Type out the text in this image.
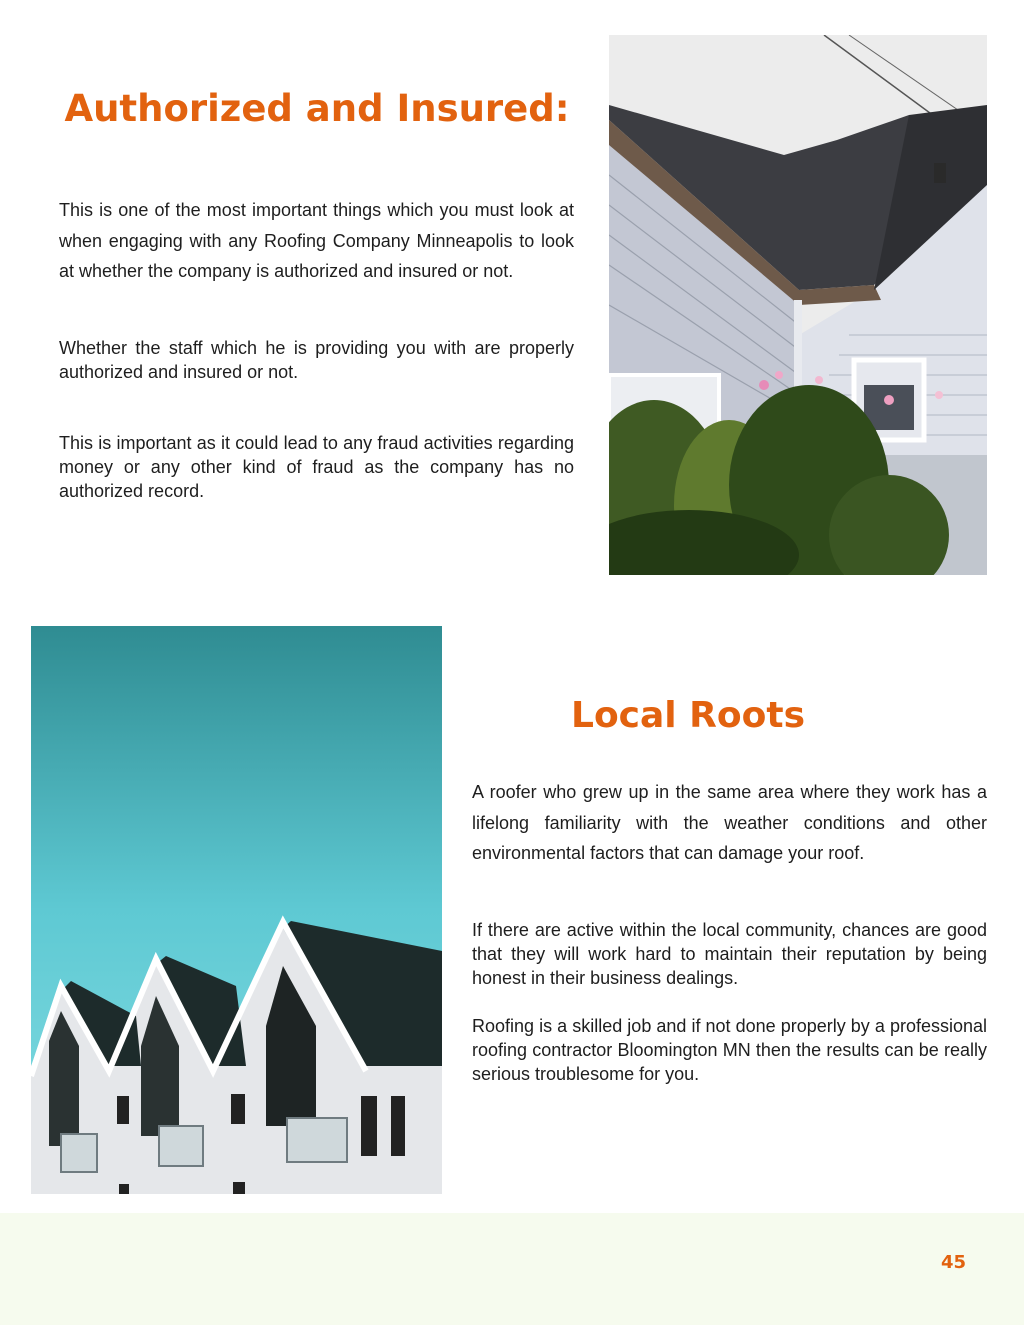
Authorized and Insured:

This is one of the most important things which you must look at when engaging with any Roofing Company Minneapolis to look at whether the company is authorized and insured or not.

Whether the staff which he is providing you with are properly authorized and insured or not.

This is important as it could lead to any fraud activities regarding money or any other kind of fraud as the company has no authorized record.

Local Roots

A roofer who grew up in the same area where they work has a lifelong familiarity with the weather conditions and other environmental factors that can damage your roof.

If there are active within the local community, chances are good that they will work hard to maintain their reputation by being honest in their business dealings.

Roofing is a skilled job and if not done properly by a professional roofing contractor Bloomington MN then the results can be really serious troublesome for you.

45
